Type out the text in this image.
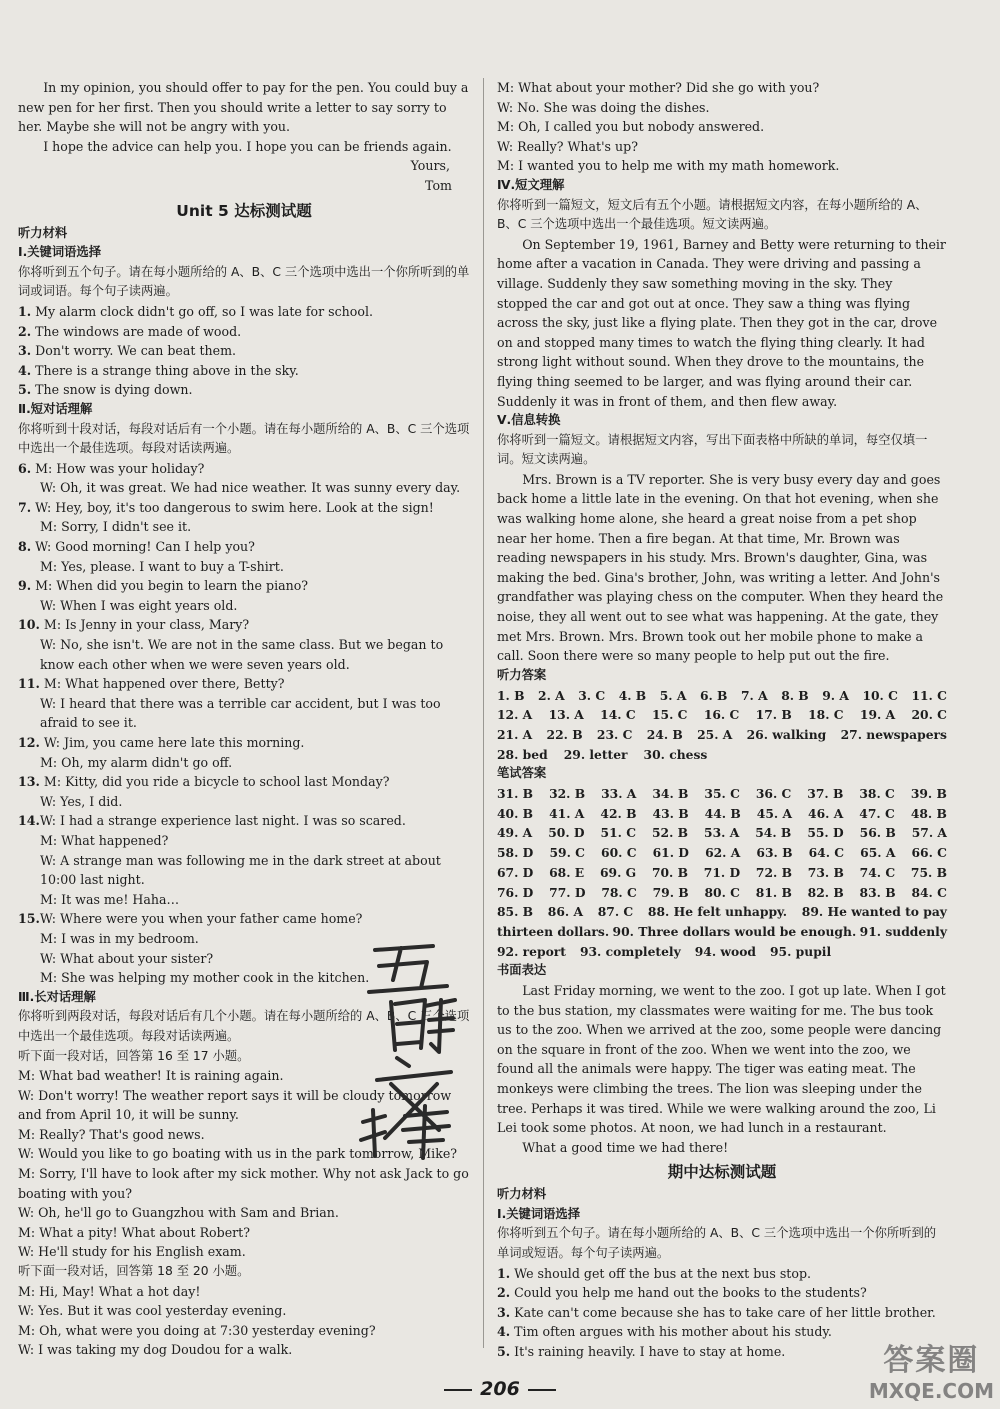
In my opinion, you should offer to pay for the pen. You could buy a new pen for her first. Then you should write a letter to say sorry to her. Maybe she will not be angry with you.

I hope the advice can help you. I hope you can be friends again.

Yours,

Tom

Unit 5 达标测试题

听力材料

Ⅰ.关键词语选择

你将听到五个句子。请在每小题所给的 A、B、C 三个选项中选出一个你所听到的单词或词语。每个句子读两遍。

1. My alarm clock didn't go off, so I was late for school.

2. The windows are made of wood.

3. Don't worry. We can beat them.

4. There is a strange thing above in the sky.

5. The snow is dying down.

Ⅱ.短对话理解

你将听到十段对话，每段对话后有一个小题。请在每小题所给的 A、B、C 三个选项中选出一个最佳选项。每段对话读两遍。

6. M: How was your holiday?

W: Oh, it was great. We had nice weather. It was sunny every day.

7. W: Hey, boy, it's too dangerous to swim here. Look at the sign!

M: Sorry, I didn't see it.

8. W: Good morning! Can I help you?

M: Yes, please. I want to buy a T-shirt.

9. M: When did you begin to learn the piano?

W: When I was eight years old.

10. M: Is Jenny in your class, Mary?

W: No, she isn't. We are not in the same class. But we began to know each other when we were seven years old.

11. M: What happened over there, Betty?

W: I heard that there was a terrible car accident, but I was too afraid to see it.

12. W: Jim, you came here late this morning.

M: Oh, my alarm didn't go off.

13. M: Kitty, did you ride a bicycle to school last Monday?

W: Yes, I did.

14.W: I had a strange experience last night. I was so scared.

M: What happened?

W: A strange man was following me in the dark street at about 10:00 last night.

M: It was me! Haha…

15.W: Where were you when your father came home?

M: I was in my bedroom.

W: What about your sister?

M: She was helping my mother cook in the kitchen.

Ⅲ.长对话理解

你将听到两段对话，每段对话后有几个小题。请在每小题所给的 A、B、C 三个选项中选出一个最佳选项。每段对话读两遍。

听下面一段对话，回答第 16 至 17 小题。

M: What bad weather! It is raining again.

W: Don't worry! The weather report says it will be cloudy tomorrow and from April 10, it will be sunny.

M: Really? That's good news.

W: Would you like to go boating with us in the park tomorrow, Mike?

M: Sorry, I'll have to look after my sick mother. Why not ask Jack to go boating with you?

W: Oh, he'll go to Guangzhou with Sam and Brian.

M: What a pity! What about Robert?

W: He'll study for his English exam.

听下面一段对话，回答第 18 至 20 小题。

M: Hi, May! What a hot day!

W: Yes. But it was cool yesterday evening.

M: Oh, what were you doing at 7:30 yesterday evening?

W: I was taking my dog Doudou for a walk.

M: What about your mother? Did she go with you?

W: No. She was doing the dishes.

M: Oh, I called you but nobody answered.

W: Really? What's up?

M: I wanted you to help me with my math homework.

Ⅳ.短文理解

你将听到一篇短文，短文后有五个小题。请根据短文内容，在每小题所给的 A、B、C 三个选项中选出一个最佳选项。短文读两遍。

On September 19, 1961, Barney and Betty were returning to their home after a vacation in Canada. They were driving and passing a village. Suddenly they saw something moving in the sky. They stopped the car and got out at once. They saw a thing was flying across the sky, just like a flying plate. Then they got in the car, drove on and stopped many times to watch the flying thing clearly. It had strong light without sound. When they drove to the mountains, the flying thing seemed to be larger, and was flying around their car. Suddenly it was in front of them, and then flew away.

Ⅴ.信息转换

你将听到一篇短文。请根据短文内容，写出下面表格中所缺的单词，每空仅填一词。短文读两遍。

Mrs. Brown is a TV reporter. She is very busy every day and goes back home a little late in the evening. On that hot evening, when she was walking home alone, she heard a great noise from a pet shop near her home. Then a fire began. At that time, Mr. Brown was reading newspapers in his study. Mrs. Brown's daughter, Gina, was making the bed. Gina's brother, John, was writing a letter. And John's grandfather was playing chess on the computer. When they heard the noise, they all went out to see what was happening. At the gate, they met Mrs. Brown. Mrs. Brown took out her mobile phone to make a call. Soon there were so many people to help put out the fire.

听力答案

1. B 2. A 3. C 4. B 5. A 6. B 7. A 8. B 9. A 10. C 11. C
12. A 13. A 14. C 15. C 16. C 17. B 18. C 19. A 20. C
21. A 22. B 23. C 24. B 25. A 26. walking 27. newspapers
28. bed 29. letter 30. chess

笔试答案

31. B 32. B 33. A 34. B 35. C 36. C 37. B 38. C 39. B
40. B 41. A 42. B 43. B 44. B 45. A 46. A 47. C 48. B
49. A 50. D 51. C 52. B 53. A 54. B 55. D 56. B 57. A
58. D 59. C 60. C 61. D 62. A 63. B 64. C 65. A 66. C
67. D 68. E 69. G 70. B 71. D 72. B 73. B 74. C 75. B
76. D 77. D 78. C 79. B 80. C 81. B 82. B 83. B 84. C
85. B 86. A 87. C 88. He felt unhappy. 89. He wanted to pay
thirteen dollars. 90. Three dollars would be enough. 91. suddenly
92. report 93. completely 94. wood 95. pupil

书面表达

Last Friday morning, we went to the zoo. I got up late. When I got to the bus station, my classmates were waiting for me. The bus took us to the zoo. When we arrived at the zoo, some people were dancing on the square in front of the zoo. When we went into the zoo, we found all the animals were happy. The tiger was eating meat. The monkeys were climbing the trees. The lion was sleeping under the tree. Perhaps it was tired. While we were walking around the zoo, Li Lei took some photos. At noon, we had lunch in a restaurant.

What a good time we had there!

期中达标测试题

听力材料

Ⅰ.关键词语选择

你将听到五个句子。请在每小题所给的 A、B、C 三个选项中选出一个你所听到的单词或短语。每个句子读两遍。

1. We should get off the bus at the next bus stop.

2. Could you help me hand out the books to the students?

3. Kate can't come because she has to take care of her little brother.

4. Tim often argues with his mother about his study.

5. It's raining heavily. I have to stay at home.

206
答案圈
MXQE.COM
